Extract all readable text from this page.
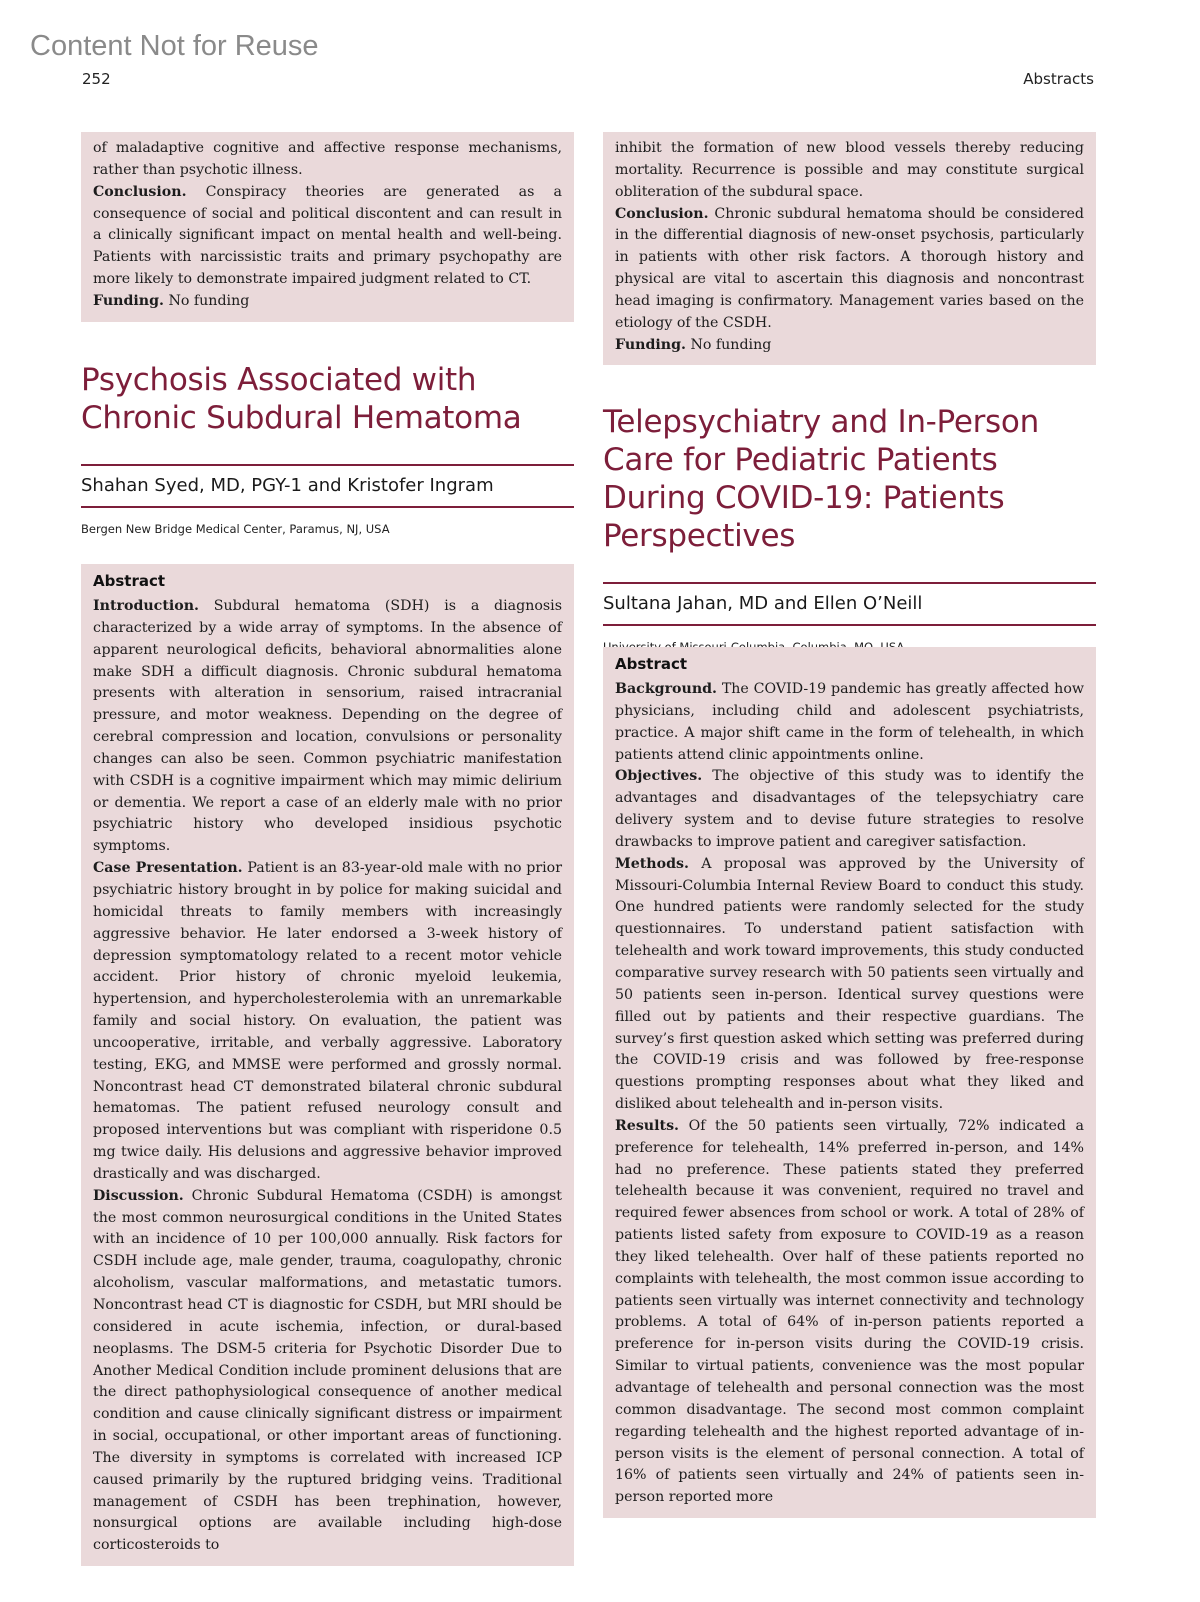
Content Not for Reuse
252	Abstracts

of maladaptive cognitive and affective response mechanisms, rather than psychotic illness.

Conclusion. Conspiracy theories are generated as a consequence of social and political discontent and can result in a clinically significant impact on mental health and well-being. Patients with narcissistic traits and primary psychopathy are more likely to demonstrate impaired judgment related to CT.

Funding. No funding

Psychosis Associated with Chronic Subdural Hematoma
Shahan Syed, MD, PGY-1 and Kristofer Ingram
Bergen New Bridge Medical Center, Paramus, NJ, USA
Abstract

Introduction. Subdural hematoma (SDH) is a diagnosis characterized by a wide array of symptoms. In the absence of apparent neurological deficits, behavioral abnormalities alone make SDH a difficult diagnosis. Chronic subdural hematoma presents with alteration in sensorium, raised intracranial pressure, and motor weakness. Depending on the degree of cerebral compression and location, convulsions or personality changes can also be seen. Common psychiatric manifestation with CSDH is a cognitive impairment which may mimic delirium or dementia. We report a case of an elderly male with no prior psychiatric history who developed insidious psychotic symptoms.

Case Presentation. Patient is an 83-year-old male with no prior psychiatric history brought in by police for making suicidal and homicidal threats to family members with increasingly aggressive behavior. He later endorsed a 3-week history of depression symptomatology related to a recent motor vehicle accident. Prior history of chronic myeloid leukemia, hypertension, and hypercholesterolemia with an unremarkable family and social history. On evaluation, the patient was uncooperative, irritable, and verbally aggressive. Laboratory testing, EKG, and MMSE were performed and grossly normal. Noncontrast head CT demonstrated bilateral chronic subdural hematomas. The patient refused neurology consult and proposed interventions but was compliant with risperidone 0.5 mg twice daily. His delusions and aggressive behavior improved drastically and was discharged.

Discussion. Chronic Subdural Hematoma (CSDH) is amongst the most common neurosurgical conditions in the United States with an incidence of 10 per 100,000 annually. Risk factors for CSDH include age, male gender, trauma, coagulopathy, chronic alcoholism, vascular malformations, and metastatic tumors. Noncontrast head CT is diagnostic for CSDH, but MRI should be considered in acute ischemia, infection, or dural-based neoplasms. The DSM-5 criteria for Psychotic Disorder Due to Another Medical Condition include prominent delusions that are the direct pathophysiological consequence of another medical condition and cause clinically significant distress or impairment in social, occupational, or other important areas of functioning. The diversity in symptoms is correlated with increased ICP caused primarily by the ruptured bridging veins. Traditional management of CSDH has been trephination, however, nonsurgical options are available including high-dose corticosteroids to

inhibit the formation of new blood vessels thereby reducing mortality. Recurrence is possible and may constitute surgical obliteration of the subdural space.

Conclusion. Chronic subdural hematoma should be considered in the differential diagnosis of new-onset psychosis, particularly in patients with other risk factors. A thorough history and physical are vital to ascertain this diagnosis and noncontrast head imaging is confirmatory. Management varies based on the etiology of the CSDH.

Funding. No funding

Telepsychiatry and In-Person Care for Pediatric Patients During COVID-19: Patients Perspectives
Sultana Jahan, MD and Ellen O’Neill
Abstract

Background. The COVID-19 pandemic has greatly affected how physicians, including child and adolescent psychiatrists, practice. A major shift came in the form of telehealth, in which patients attend clinic appointments online.

Objectives. The objective of this study was to identify the advantages and disadvantages of the telepsychiatry care delivery system and to devise future strategies to resolve drawbacks to improve patient and caregiver satisfaction.

Methods. A proposal was approved by the University of Missouri-Columbia Internal Review Board to conduct this study. One hundred patients were randomly selected for the study questionnaires. To understand patient satisfaction with telehealth and work toward improvements, this study conducted comparative survey research with 50 patients seen virtually and 50 patients seen in-person. Identical survey questions were filled out by patients and their respective guardians. The survey’s first question asked which setting was preferred during the COVID-19 crisis and was followed by free-response questions prompting responses about what they liked and disliked about telehealth and in-person visits.

Results. Of the 50 patients seen virtually, 72% indicated a preference for telehealth, 14% preferred in-person, and 14% had no preference. These patients stated they preferred telehealth because it was convenient, required no travel and required fewer absences from school or work. A total of 28% of patients listed safety from exposure to COVID-19 as a reason they liked telehealth. Over half of these patients reported no complaints with telehealth, the most common issue according to patients seen virtually was internet connectivity and technology problems. A total of 64% of in-person patients reported a preference for in-person visits during the COVID-19 crisis. Similar to virtual patients, convenience was the most popular advantage of telehealth and personal connection was the most common disadvantage. The second most common complaint regarding telehealth and the highest reported advantage of in-person visits is the element of personal connection. A total of 16% of patients seen virtually and 24% of patients seen in-person reported more
